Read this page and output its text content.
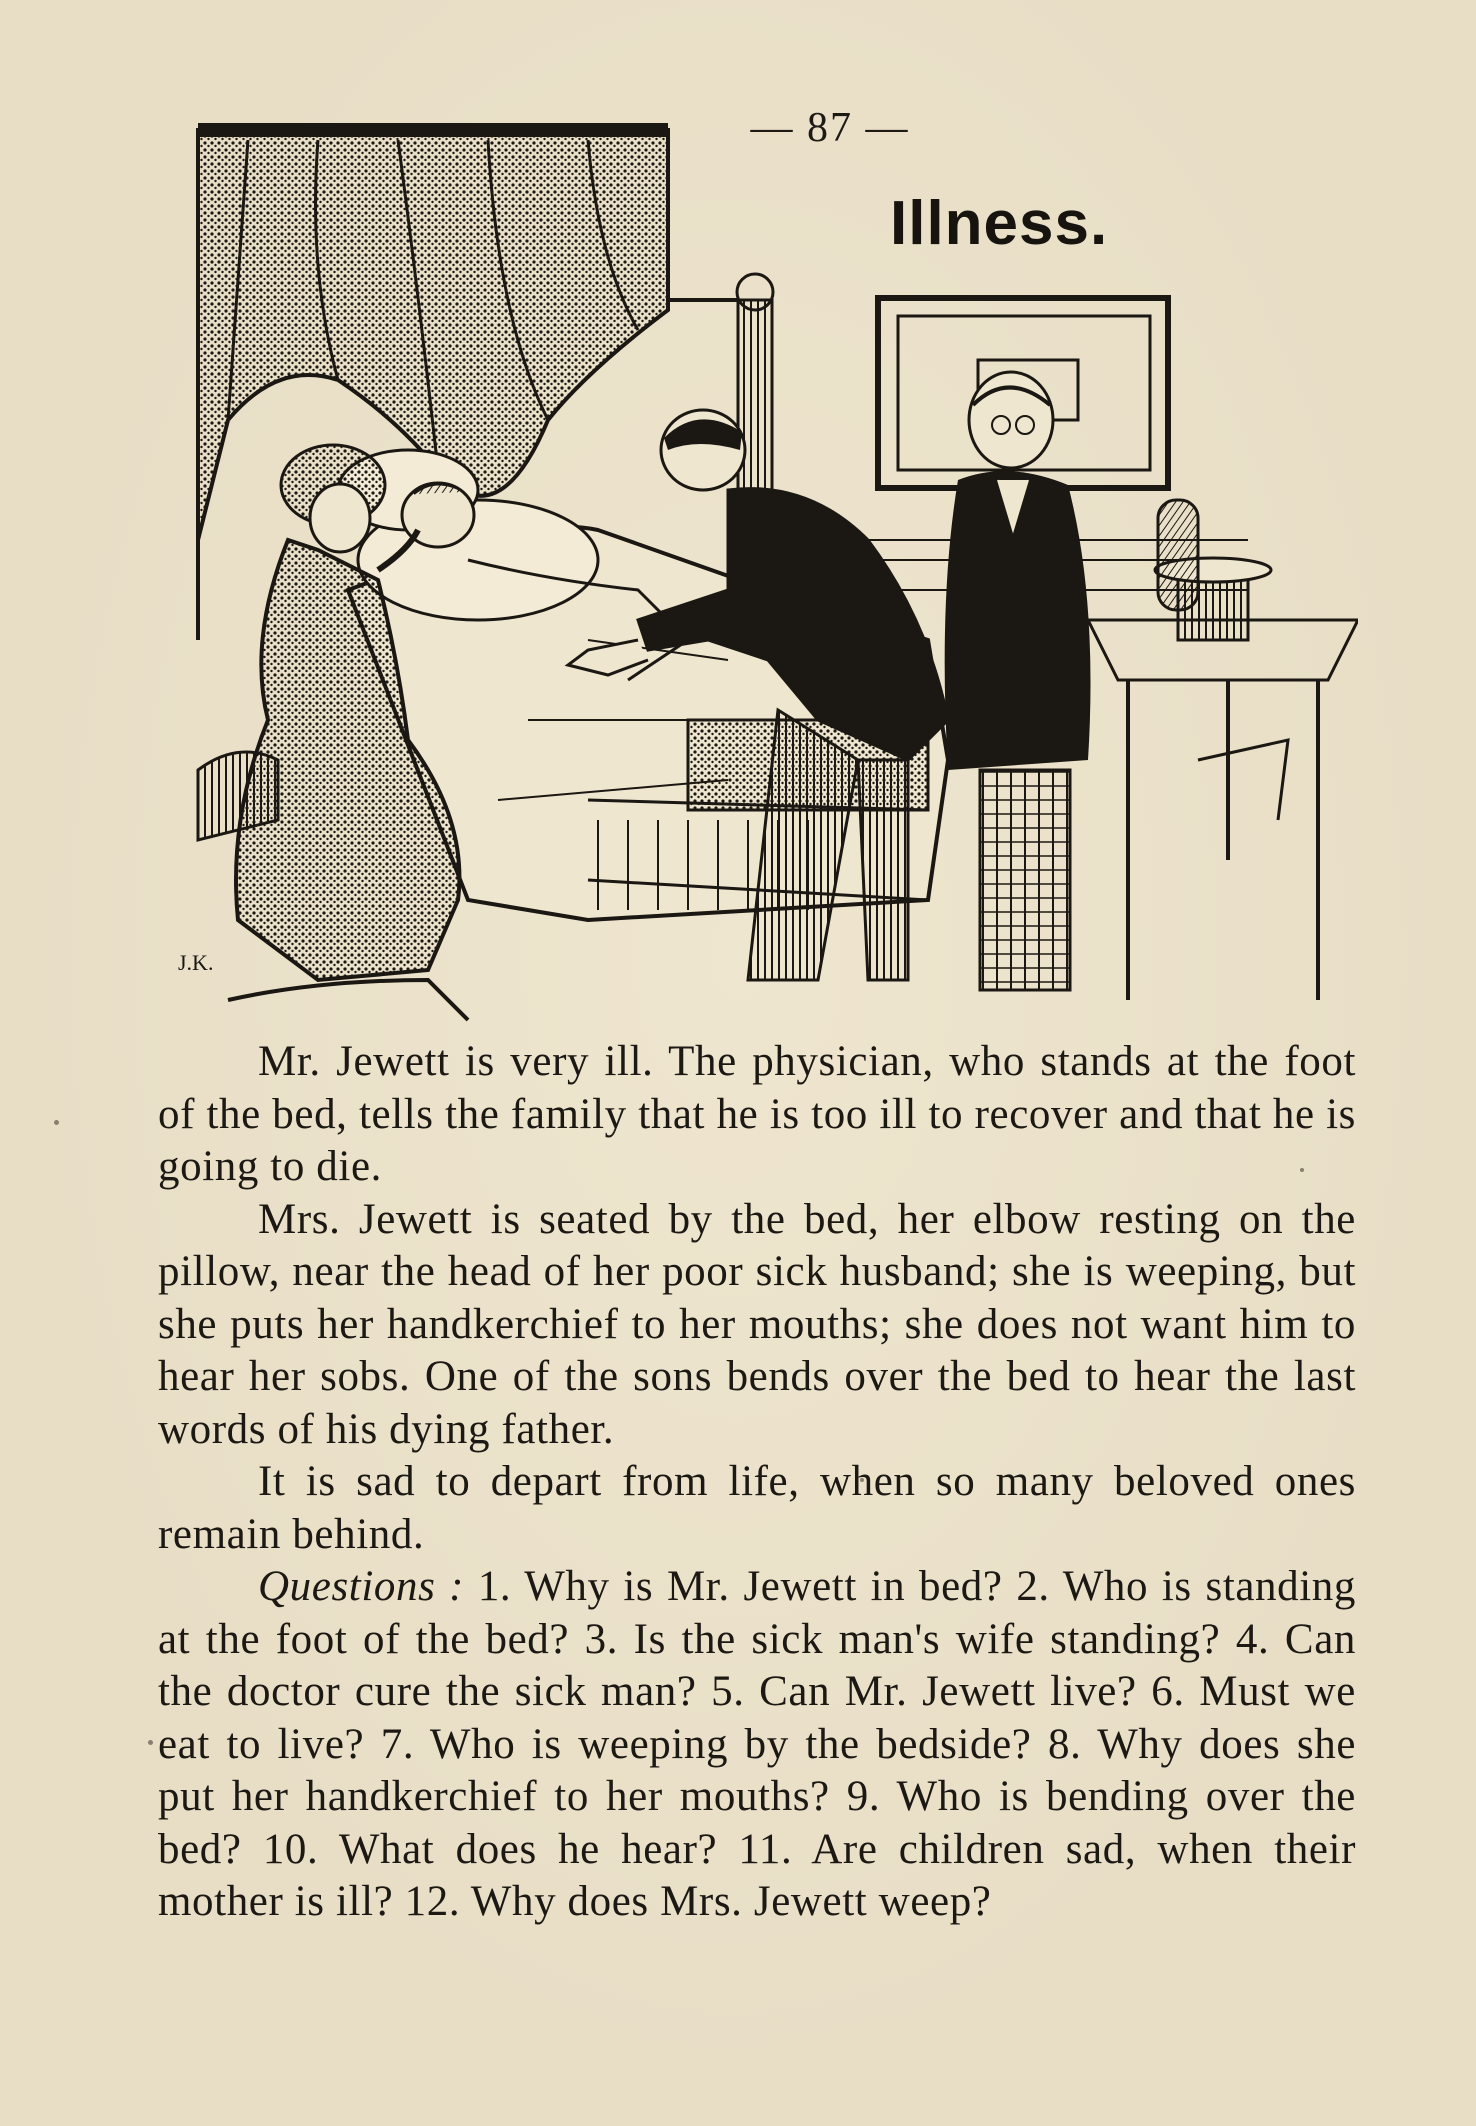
— 87 —
Illness.
J.K.

Mr. Jewett is very ill. The physician, who stands at the foot of the bed, tells the family that he is too ill to recover and that he is going to die.

Mrs. Jewett is seated by the bed, her elbow resting on the pillow, near the head of her poor sick husband; she is weeping, but she puts her handkerchief to her mouths; she does not want him to hear her sobs. One of the sons bends over the bed to hear the last words of his dying father.

It is sad to depart from life, when so many beloved ones remain behind.

Questions : 1. Why is Mr. Jewett in bed? 2. Who is standing at the foot of the bed? 3. Is the sick man's wife standing? 4. Can the doctor cure the sick man? 5. Can Mr. Jewett live? 6. Must we eat to live? 7. Who is weeping by the bedside? 8. Why does she put her handkerchief to her mouths? 9. Who is bending over the bed? 10. What does he hear? 11. Are children sad, when their mother is ill? 12. Why does Mrs. Jewett weep?
